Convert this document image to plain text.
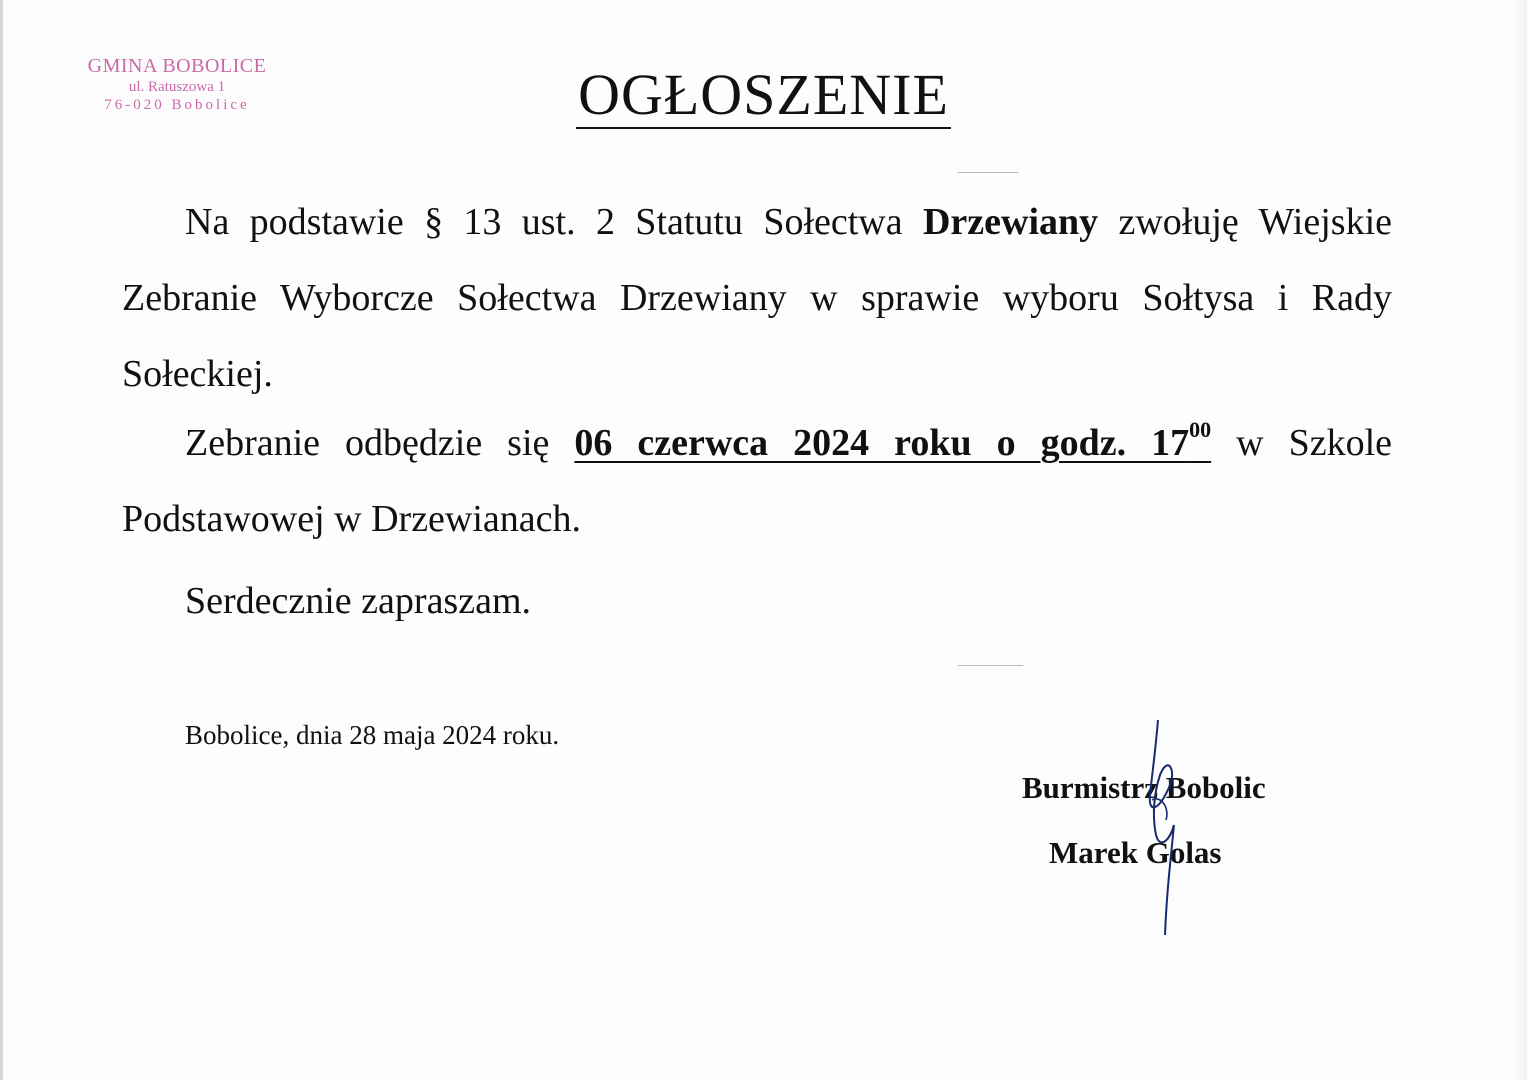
GMINA BOBOLICE
ul. Ratuszowa 1
76-020 Bobolice	OGŁOSZENIE

Na podstawie § 13 ust. 2 Statutu Sołectwa Drzewiany zwołuję Wiejskie Zebranie Wyborcze Sołectwa Drzewiany w sprawie wyboru Sołtysa i Rady Sołeckiej.

Zebranie odbędzie się 06 czerwca 2024 roku o godz. $17^{00}$ w Szkole Podstawowej w Drzewianach.

Serdecznie zapraszam.

Bobolice, dnia 28 maja 2024 roku.

Burmistrz Bobolic

Marek Golas
